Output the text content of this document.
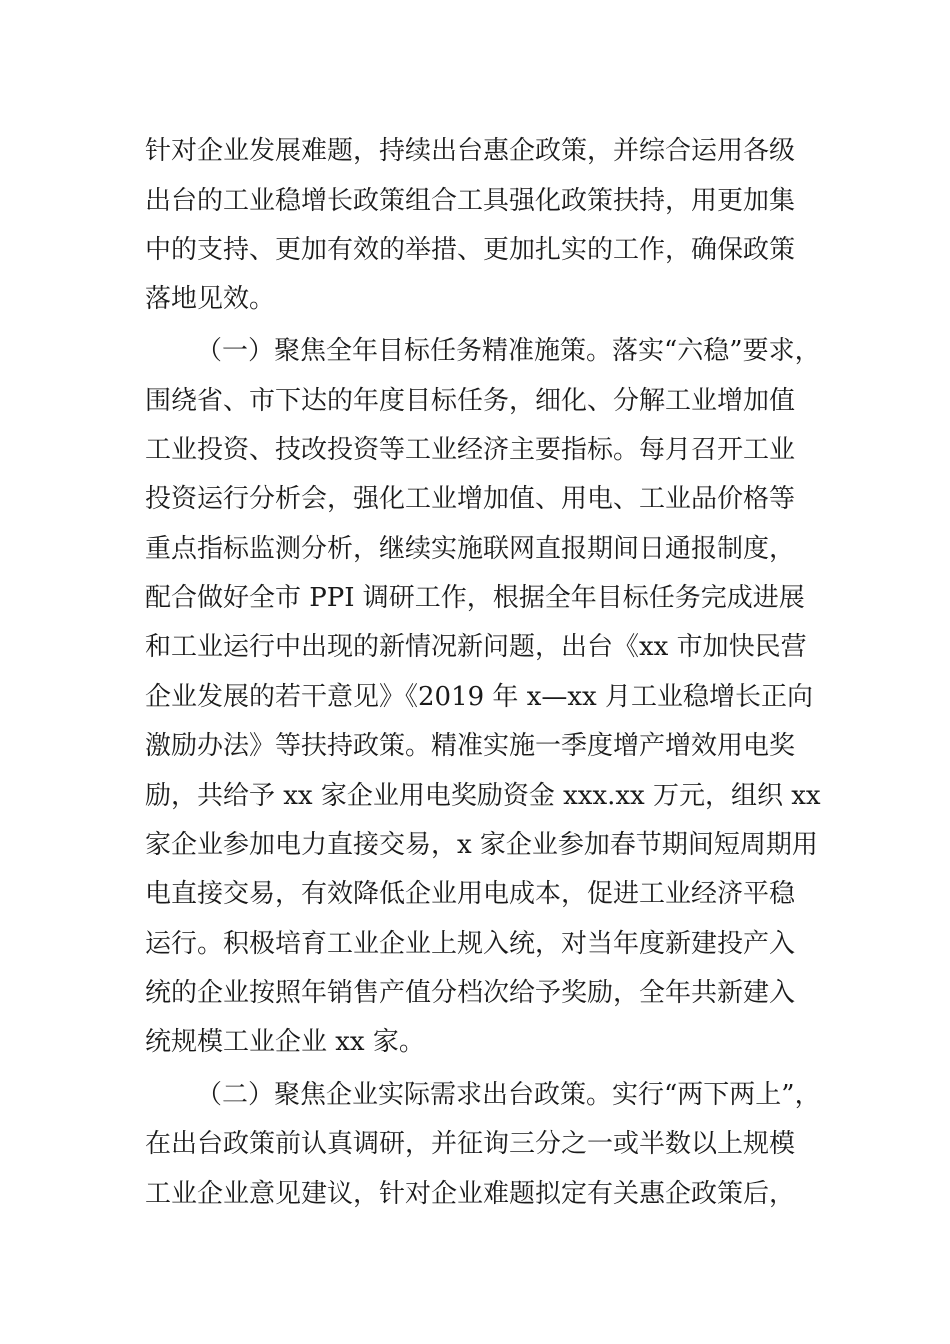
针对企业发展难题，持续出台惠企政策，并综合运用各级

出台的工业稳增长政策组合工具强化政策扶持，用更加集

中的支持、更加有效的举措、更加扎实的工作，确保政策

落地见效。

（一）聚焦全年目标任务精准施策。落实“六稳”要求，

围绕省、市下达的年度目标任务，细化、分解工业增加值

工业投资、技改投资等工业经济主要指标。每月召开工业

投资运行分析会，强化工业增加值、用电、工业品价格等

重点指标监测分析，继续实施联网直报期间日通报制度，

配合做好全市 PPI 调研工作，根据全年目标任务完成进展

和工业运行中出现的新情况新问题，出台《xx 市加快民营

企业发展的若干意见》《2019 年 x—xx 月工业稳增长正向

激励办法》等扶持政策。精准实施一季度增产增效用电奖

励，共给予 xx 家企业用电奖励资金 xxx.xx 万元，组织 xx

家企业参加电力直接交易，x 家企业参加春节期间短周期用

电直接交易，有效降低企业用电成本，促进工业经济平稳

运行。积极培育工业企业上规入统，对当年度新建投产入

统的企业按照年销售产值分档次给予奖励，全年共新建入

统规模工业企业 xx 家。

（二）聚焦企业实际需求出台政策。实行“两下两上”，

在出台政策前认真调研，并征询三分之一或半数以上规模

工业企业意见建议，针对企业难题拟定有关惠企政策后，
